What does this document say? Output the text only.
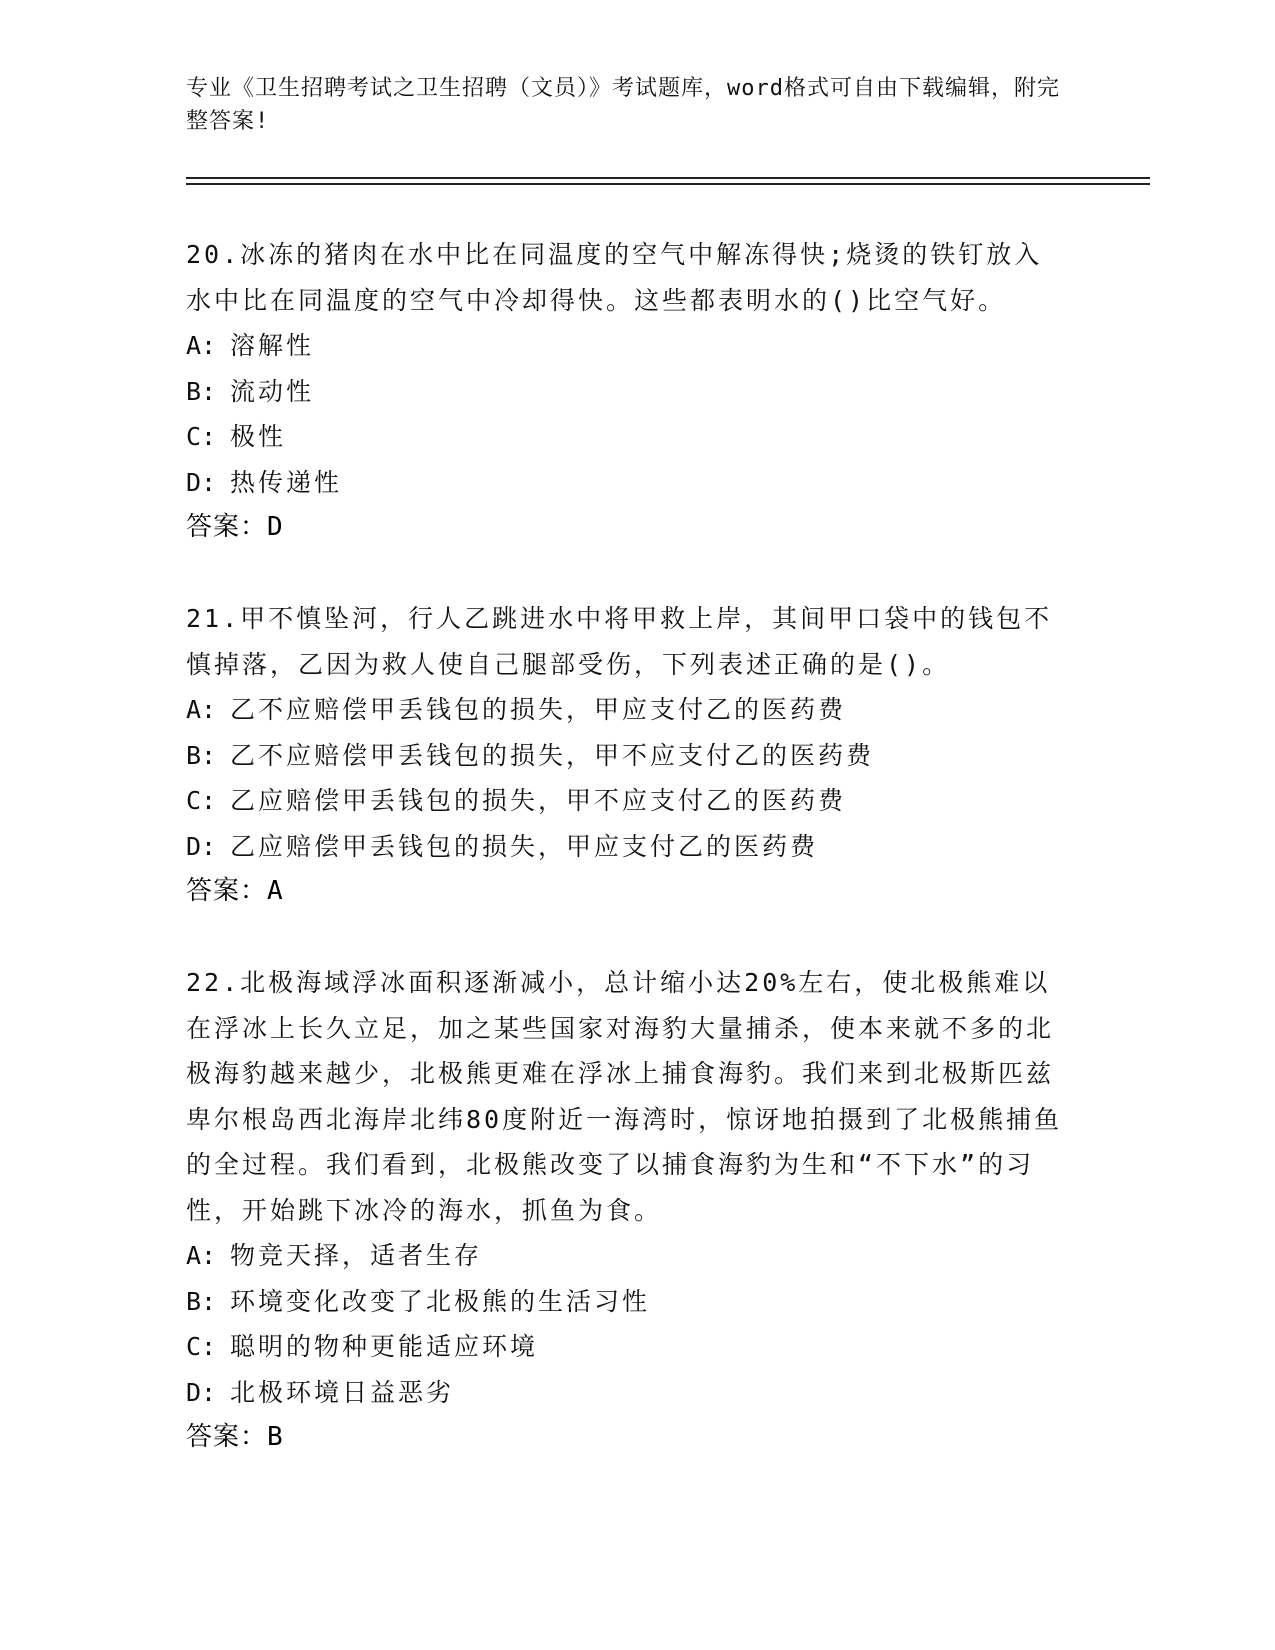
专业《卫生招聘考试之卫生招聘（文员）》考试题库，word格式可自由下载编辑，附完整答案!

20.冰冻的猪肉在水中比在同温度的空气中解冻得快;烧烫的铁钉放入水中比在同温度的空气中冷却得快。这些都表明水的()比空气好。

A: 溶解性
B: 流动性
C: 极性
D: 热传递性
答案：D

21.甲不慎坠河，行人乙跳进水中将甲救上岸，其间甲口袋中的钱包不慎掉落，乙因为救人使自己腿部受伤，下列表述正确的是()。

A: 乙不应赔偿甲丢钱包的损失，甲应支付乙的医药费
B: 乙不应赔偿甲丢钱包的损失，甲不应支付乙的医药费
C: 乙应赔偿甲丢钱包的损失，甲不应支付乙的医药费
D: 乙应赔偿甲丢钱包的损失，甲应支付乙的医药费
答案：A

22.北极海域浮冰面积逐渐减小，总计缩小达20%左右，使北极熊难以在浮冰上长久立足，加之某些国家对海豹大量捕杀，使本来就不多的北极海豹越来越少，北极熊更难在浮冰上捕食海豹。我们来到北极斯匹兹卑尔根岛西北海岸北纬80度附近一海湾时，惊讶地拍摄到了北极熊捕鱼的全过程。我们看到，北极熊改变了以捕食海豹为生和“不下水”的习性，开始跳下冰冷的海水，抓鱼为食。

A: 物竞天择，适者生存
B: 环境变化改变了北极熊的生活习性
C: 聪明的物种更能适应环境
D: 北极环境日益恶劣
答案：B
